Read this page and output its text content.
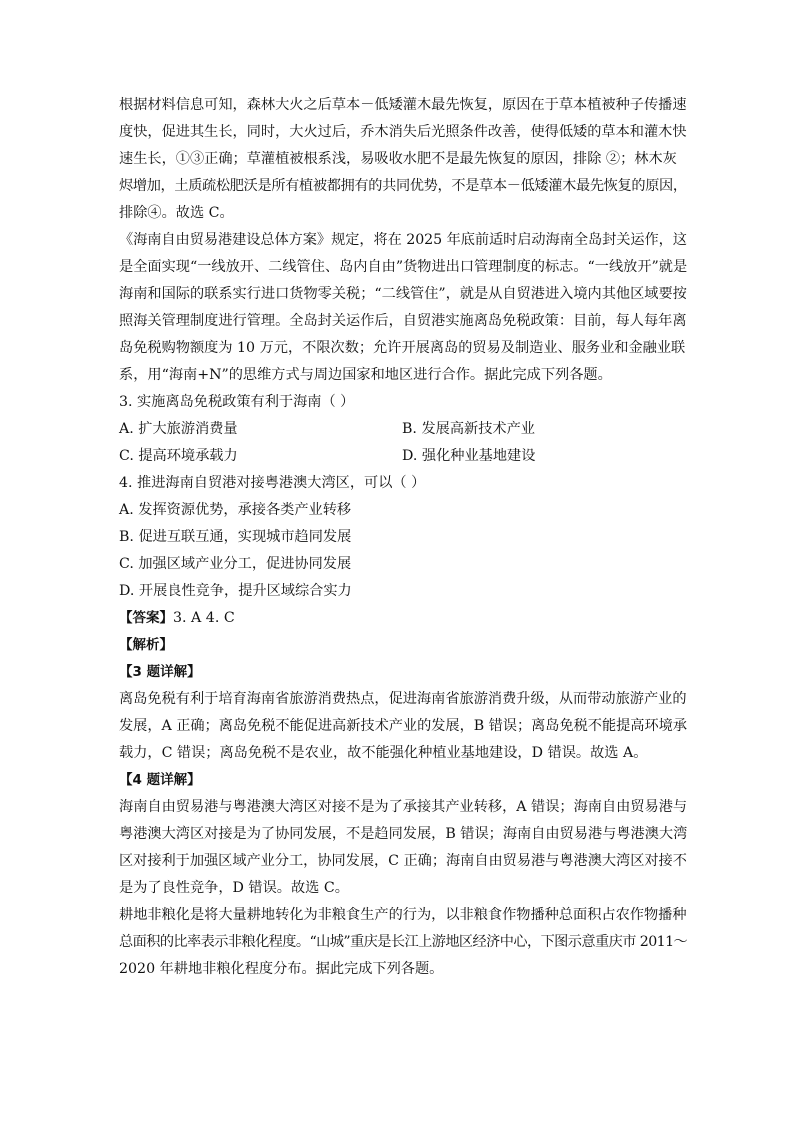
根据材料信息可知，森林大火之后草本－低矮灌木最先恢复，原因在于草本植被种子传播速
度快，促进其生长，同时，大火过后，乔木消失后光照条件改善，使得低矮的草本和灌木快
速生长，①③正确；草灌植被根系浅，易吸收水肥不是最先恢复的原因，排除 ②；林木灰
烬增加，土质疏松肥沃是所有植被都拥有的共同优势，不是草本－低矮灌木最先恢复的原因，
排除④。故选 C。
《海南自由贸易港建设总体方案》规定，将在 2025 年底前适时启动海南全岛封关运作，这
是全面实现“一线放开、二线管住、岛内自由”货物进出口管理制度的标志。“一线放开”就是
海南和国际的联系实行进口货物零关税；“二线管住”，就是从自贸港进入境内其他区域要按
照海关管理制度进行管理。全岛封关运作后，自贸港实施离岛免税政策：目前，每人每年离
岛免税购物额度为 10 万元，不限次数；允许开展离岛的贸易及制造业、服务业和金融业联
系，用“海南+N”的思维方式与周边国家和地区进行合作。据此完成下列各题。
3. 实施离岛免税政策有利于海南（ ）
A. 扩大旅游消费量	B. 发展高新技术产业
C. 提高环境承载力	D. 强化种业基地建设
4. 推进海南自贸港对接粤港澳大湾区，可以（ ）
A. 发挥资源优势，承接各类产业转移
B. 促进互联互通，实现城市趋同发展
C. 加强区域产业分工，促进协同发展
D. 开展良性竞争，提升区域综合实力
【答案】3. A 4. C
【解析】
【3 题详解】
离岛免税有利于培育海南省旅游消费热点，促进海南省旅游消费升级，从而带动旅游产业的
发展，A 正确；离岛免税不能促进高新技术产业的发展，B 错误；离岛免税不能提高环境承
载力，C 错误；离岛免税不是农业，故不能强化种植业基地建设，D 错误。故选 A。
【4 题详解】
海南自由贸易港与粤港澳大湾区对接不是为了承接其产业转移，A 错误；海南自由贸易港与
粤港澳大湾区对接是为了协同发展，不是趋同发展，B 错误；海南自由贸易港与粤港澳大湾
区对接利于加强区域产业分工，协同发展，C 正确；海南自由贸易港与粤港澳大湾区对接不
是为了良性竞争，D 错误。故选 C。
耕地非粮化是将大量耕地转化为非粮食生产的行为，以非粮食作物播种总面积占农作物播种
总面积的比率表示非粮化程度。“山城”重庆是长江上游地区经济中心，下图示意重庆市 2011～
2020 年耕地非粮化程度分布。据此完成下列各题。
